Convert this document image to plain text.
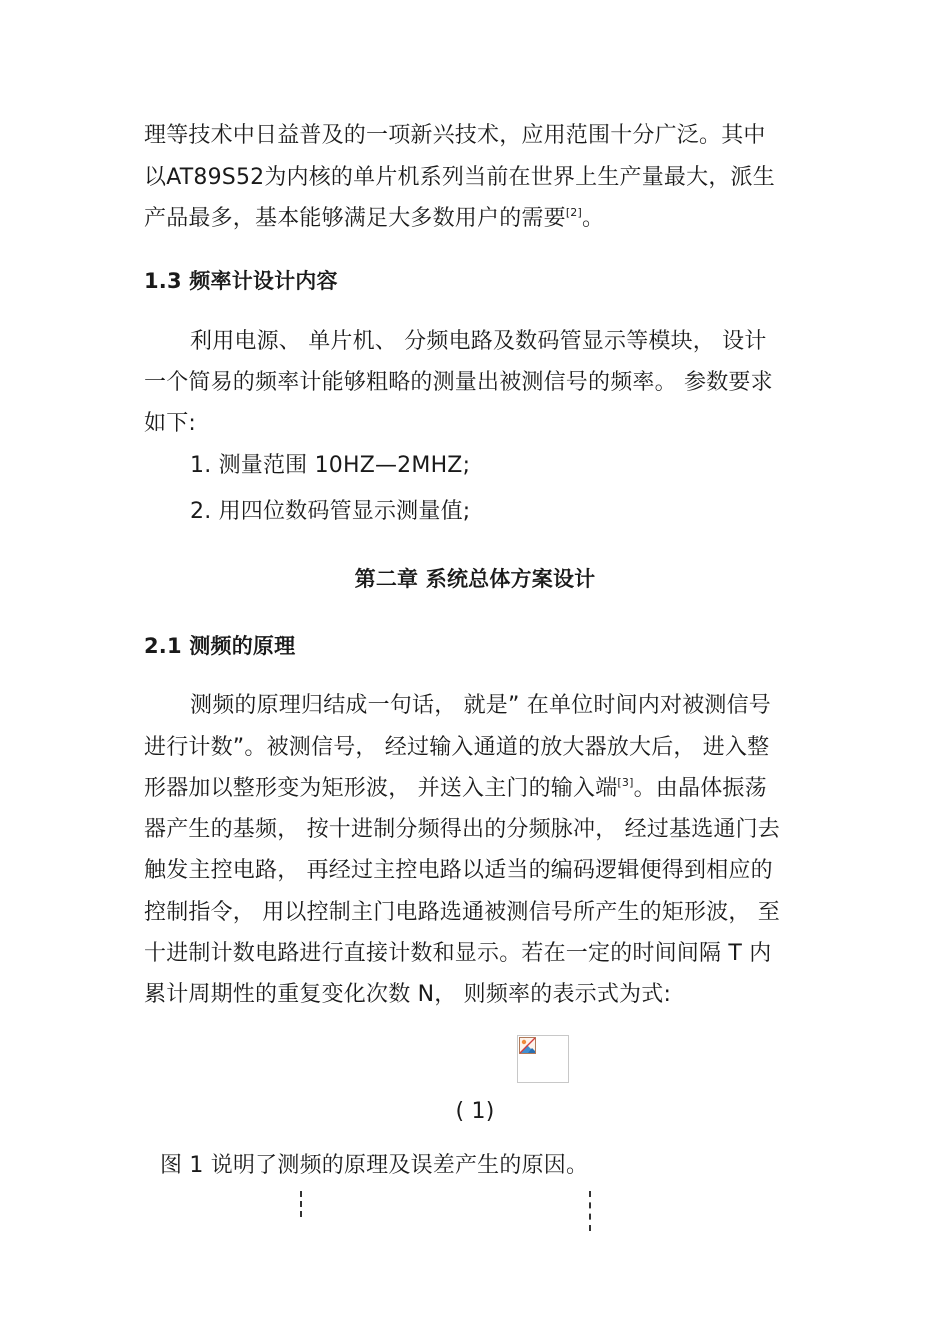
理等技术中日益普及的一项新兴技术，应用范围十分广泛。其中
以AT89S52为内核的单片机系列当前在世界上生产量最大，派生
产品最多，基本能够满足大多数用户的需要[2]。
1.3 频率计设计内容
利用电源、 单片机、 分频电路及数码管显示等模块， 设计
一个简易的频率计能够粗略的测量出被测信号的频率。 参数要求
如下:
1. 测量范围 10HZ—2MHZ;
2. 用四位数码管显示测量值;
第二章 系统总体方案设计
2.1 测频的原理
测频的原理归结成一句话， 就是” 在单位时间内对被测信号
进行计数”。被测信号， 经过输入通道的放大器放大后， 进入整
形器加以整形变为矩形波， 并送入主门的输入端[3]。由晶体振荡
器产生的基频， 按十进制分频得出的分频脉冲， 经过基选通门去
触发主控电路， 再经过主控电路以适当的编码逻辑便得到相应的
控制指令， 用以控制主门电路选通被测信号所产生的矩形波， 至
十进制计数电路进行直接计数和显示。若在一定的时间间隔 T 内
累计周期性的重复变化次数 N， 则频率的表示式为式:
( 1)
图 1 说明了测频的原理及误差产生的原因。
